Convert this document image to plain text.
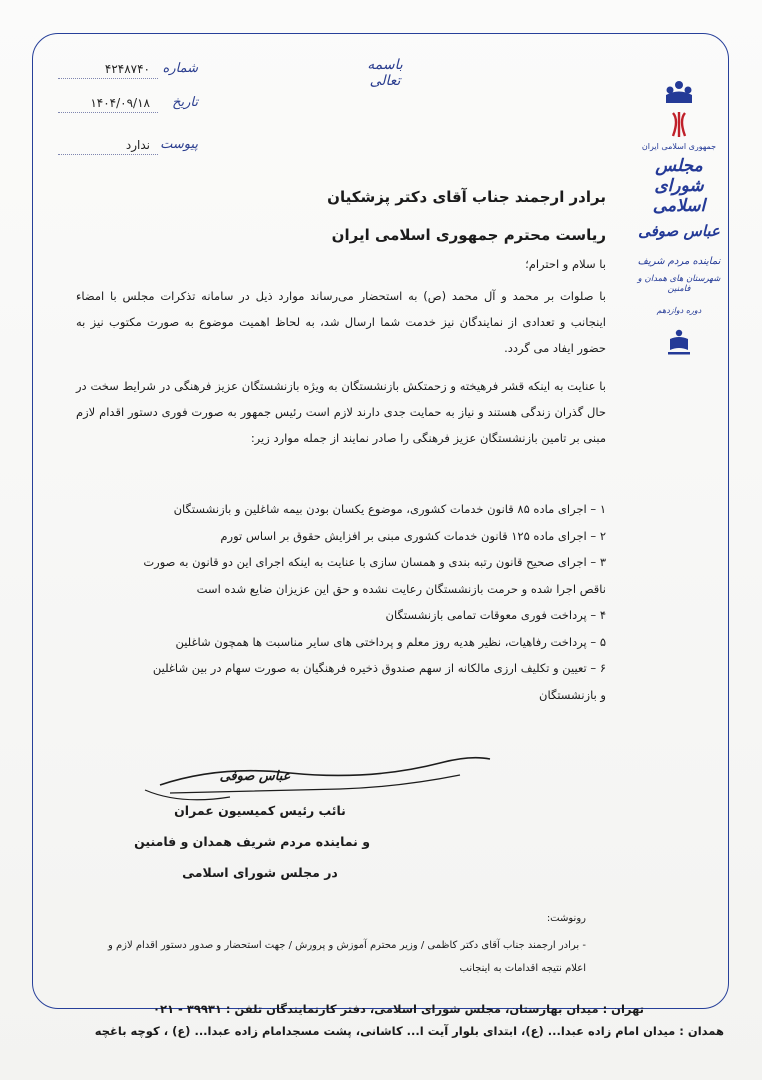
۴۲۴۸۷۴۰ شماره
۱۴۰۴/۰۹/۱۸ تاریخ
ندارد پیوست
باسمه تعالی
جمهوری اسلامی ایران
مجلس شورای اسلامی
عباس صوفی
نماینده مردم شریف
شهرستان های همدان و فامنین
دوره دوازدهم
برادر ارجمند جناب آقای دکتر پزشکیان
ریاست محترم جمهوری اسلامی ایران
با سلام و احترام؛
با صلوات بر محمد و آل محمد (ص) به استحضار می‌رساند موارد ذیل در سامانه تذکرات مجلس با امضاء اینجانب و تعدادی از نمایندگان نیز خدمت شما ارسال شد، به لحاظ اهمیت موضوع به صورت مکتوب نیز به حضور ایفاد می گردد.
با عنایت به اینکه قشر فرهیخته و زحمتکش بازنشستگان به ویژه بازنشستگان عزیز فرهنگی در شرایط سخت در حال گذران زندگی هستند و نیاز به حمایت جدی دارند لازم است رئیس جمهور به صورت فوری دستور اقدام لازم مبنی بر تامین بازنشستگان عزیز فرهنگی را صادر نمایند از جمله موارد زیر:
۱ – اجرای ماده ۸۵ قانون خدمات کشوری، موضوع یکسان بودن بیمه شاغلین و بازنشستگان
۲ – اجرای ماده ۱۲۵ قانون خدمات کشوری مبنی بر افزایش حقوق بر اساس تورم
۳ – اجرای صحیح قانون رتبه بندی و همسان سازی با عنایت به اینکه اجرای این دو قانون به صورت
ناقص اجرا شده و حرمت بازنشستگان رعایت نشده و حق این عزیزان ضایع شده است
۴ – پرداخت فوری معوقات تمامی بازنشستگان
۵ – پرداخت رفاهیات، نظیر هدیه روز معلم و پرداختی های سایر مناسبت ها همچون شاغلین
۶ – تعیین و تکلیف ارزی مالکانه از سهم صندوق ذخیره فرهنگیان به صورت سهام در بین شاغلین
و بازنشستگان
عباس صوفی
نائب رئیس کمیسیون عمران
و نماینده مردم شریف همدان و فامنین
در مجلس شورای اسلامی
رونوشت:
- برادر ارجمند جناب آقای دکتر کاظمی / وزیر محترم آموزش و پرورش / جهت استحضار و صدور دستور اقدام لازم و
اعلام نتیجه اقدامات به اینجانب
تهران : میدان بهارستان، مجلس شورای اسلامی، دفتر کارنمایندگان تلفن : ۳۹۹۳۱ - ۰۲۱
همدان : میدان امام زاده عبدا... (ع)، ابتدای بلوار آیت ا... کاشانی، پشت مسجدامام زاده عبدا... (ع) ، کوچه باغچه
